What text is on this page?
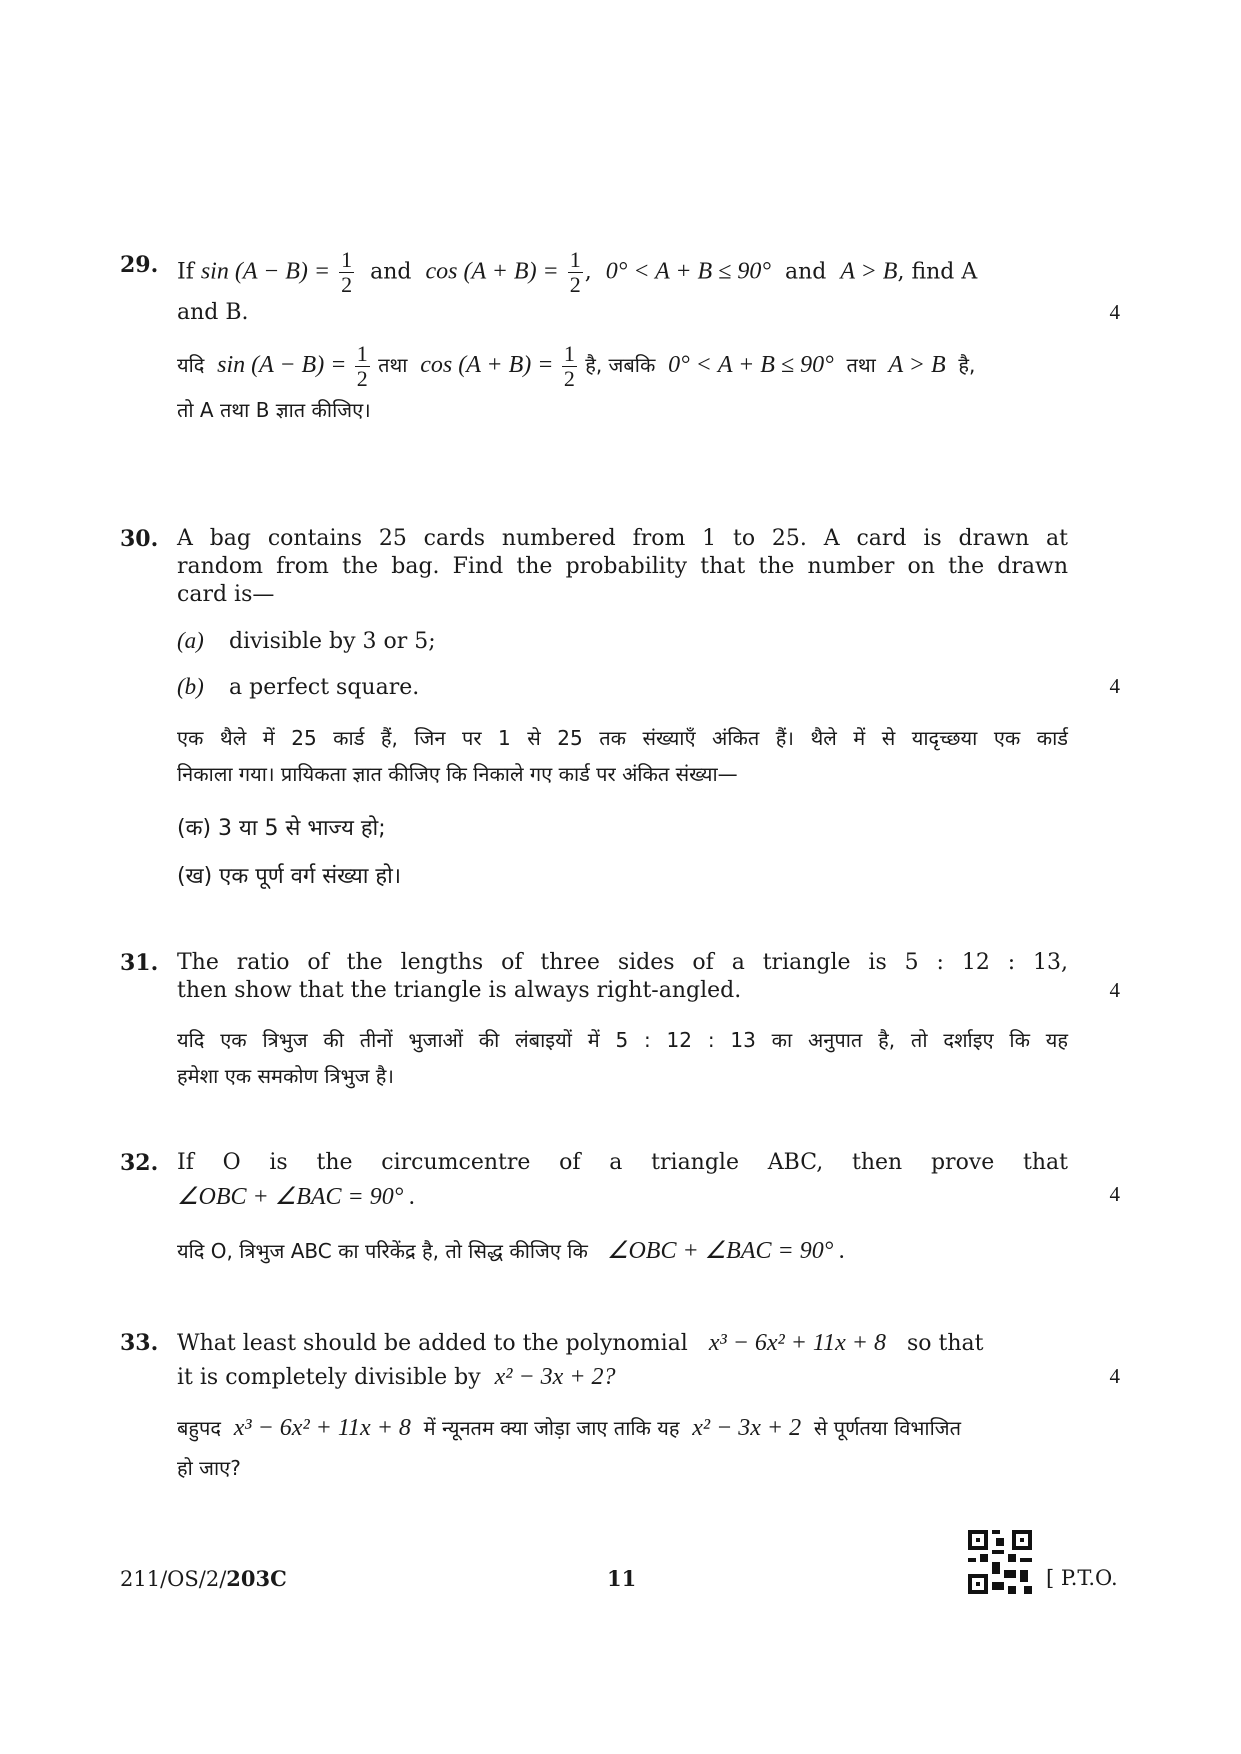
29. If $\sin (A - B) = \frac{1}{2}$ and $\cos (A + B) = \frac{1}{2}$ , 0° < A + B ≤ 90° and A > B, find A
and B.	4
यदि $\sin (A - B) = \frac{1}{2}$ तथा $\cos (A + B) = \frac{1}{2}$ है, जबकि 0° < A + B ≤ 90° तथा A > B है,
तो A तथा B ज्ञात कीजिए।
30. A bag contains 25 cards numbered from 1 to 25. A card is drawn at
random from the bag. Find the probability that the number on the drawn
card is—
(a) divisible by 3 or 5;
(b) a perfect square.	4
एक थैले में 25 कार्ड हैं, जिन पर 1 से 25 तक संख्याएँ अंकित हैं। थैले में से यादृच्छया एक कार्ड
निकाला गया। प्रायिकता ज्ञात कीजिए कि निकाले गए कार्ड पर अंकित संख्या—
(क) 3 या 5 से भाज्य हो;
(ख) एक पूर्ण वर्ग संख्या हो।
31. The ratio of the lengths of three sides of a triangle is 5 : 12 : 13,
then show that the triangle is always right-angled.	4
यदि एक त्रिभुज की तीनों भुजाओं की लंबाइयों में 5 : 12 : 13 का अनुपात है, तो दर्शाइए कि यह
हमेशा एक समकोण त्रिभुज है।
32. If O is the circumcentre of a triangle ABC, then prove that
∠OBC + ∠BAC = 90° .	4
यदि O, त्रिभुज ABC का परिकेंद्र है, तो सिद्ध कीजिए कि ∠OBC + ∠BAC = 90° .
33. What least should be added to the polynomial x³ − 6x² + 11x + 8 so that
it is completely divisible by x² − 3x + 2?	4
बहुपद x³ − 6x² + 11x + 8 में न्यूनतम क्या जोड़ा जाए ताकि यह x² − 3x + 2 से पूर्णतया विभाजित
हो जाए?
211/OS/2/203C	11	[ P.T.O.
